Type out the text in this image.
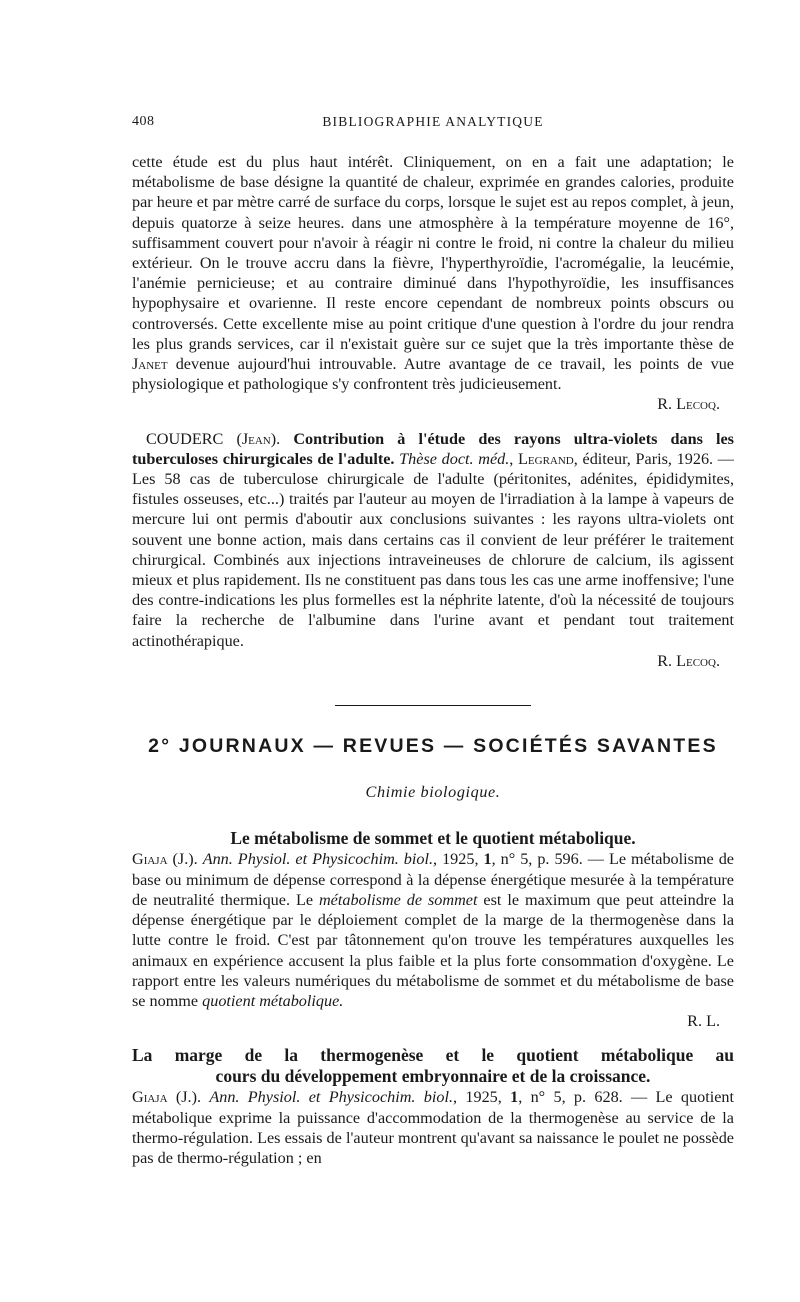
408	BIBLIOGRAPHIE ANALYTIQUE

cette étude est du plus haut intérêt. Cliniquement, on en a fait une adaptation; le métabolisme de base désigne la quantité de chaleur, exprimée en grandes calories, produite par heure et par mètre carré de surface du corps, lorsque le sujet est au repos complet, à jeun, depuis quatorze à seize heures. dans une atmosphère à la température moyenne de 16°, suffisamment couvert pour n'avoir à réagir ni contre le froid, ni contre la chaleur du milieu extérieur. On le trouve accru dans la fièvre, l'hyperthyroïdie, l'acromégalie, la leucémie, l'anémie pernicieuse; et au contraire diminué dans l'hypothyroïdie, les insuffisances hypophysaire et ovarienne. Il reste encore cependant de nombreux points obscurs ou controversés. Cette excellente mise au point critique d'une question à l'ordre du jour rendra les plus grands services, car il n'existait guère sur ce sujet que la très importante thèse de Janet devenue aujourd'hui introuvable. Autre avantage de ce travail, les points de vue physiologique et pathologique s'y confrontent très judicieusement.

R. Lecoq.

COUDERC (Jean). Contribution à l'étude des rayons ultra-violets dans les tuberculoses chirurgicales de l'adulte. Thèse doct. méd., Legrand, éditeur, Paris, 1926. — Les 58 cas de tuberculose chirurgicale de l'adulte (péritonites, adénites, épididymites, fistules osseuses, etc...) traités par l'auteur au moyen de l'irradiation à la lampe à vapeurs de mercure lui ont permis d'aboutir aux conclusions suivantes : les rayons ultra-violets ont souvent une bonne action, mais dans certains cas il convient de leur préférer le traitement chirurgical. Combinés aux injections intraveineuses de chlorure de calcium, ils agissent mieux et plus rapidement. Ils ne constituent pas dans tous les cas une arme inoffensive; l'une des contre-indications les plus formelles est la néphrite latente, d'où la nécessité de toujours faire la recherche de l'albumine dans l'urine avant et pendant tout traitement actinothérapique.

R. Lecoq.

2° JOURNAUX — REVUES — SOCIÉTÉS SAVANTES

Chimie biologique.

Le métabolisme de sommet et le quotient métabolique.

Giaja (J.). Ann. Physiol. et Physicochim. biol., 1925, 1, n° 5, p. 596. — Le métabolisme de base ou minimum de dépense correspond à la dépense énergétique mesurée à la température de neutralité thermique. Le métabolisme de sommet est le maximum que peut atteindre la dépense énergétique par le déploiement complet de la marge de la thermogenèse dans la lutte contre le froid. C'est par tâtonnement qu'on trouve les températures auxquelles les animaux en expérience accusent la plus faible et la plus forte consommation d'oxygène. Le rapport entre les valeurs numériques du métabolisme de sommet et du métabolisme de base se nomme quotient métabolique.

R. L.

La marge de la thermogenèse et le quotient métabolique au
cours du développement embryonnaire et de la croissance.

Giaja (J.). Ann. Physiol. et Physicochim. biol., 1925, 1, n° 5, p. 628. — Le quotient métabolique exprime la puissance d'accommodation de la thermogenèse au service de la thermo-régulation. Les essais de l'auteur montrent qu'avant sa naissance le poulet ne possède pas de thermo-régulation ; en
